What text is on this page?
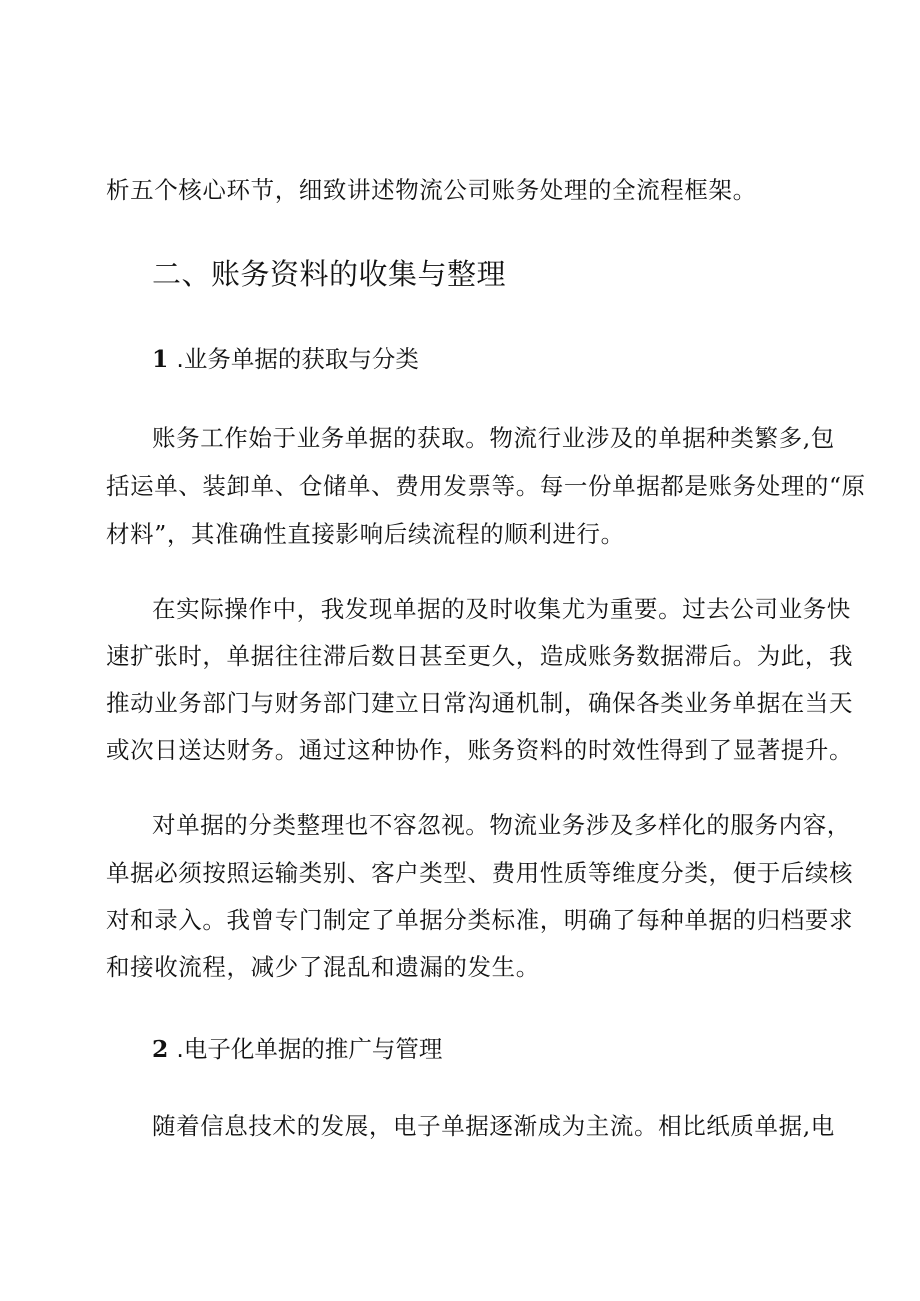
析五个核心环节，细致讲述物流公司账务处理的全流程框架。

二、账务资料的收集与整理
1 .业务单据的获取与分类

账务工作始于业务单据的获取。物流行业涉及的单据种类繁多,包

括运单、装卸单、仓储单、费用发票等。每一份单据都是账务处理的“原

材料”，其准确性直接影响后续流程的顺利进行。

在实际操作中，我发现单据的及时收集尤为重要。过去公司业务快

速扩张时，单据往往滞后数日甚至更久，造成账务数据滞后。为此，我

推动业务部门与财务部门建立日常沟通机制，确保各类业务单据在当天

或次日送达财务。通过这种协作，账务资料的时效性得到了显著提升。

对单据的分类整理也不容忽视。物流业务涉及多样化的服务内容，

单据必须按照运输类别、客户类型、费用性质等维度分类，便于后续核

对和录入。我曾专门制定了单据分类标准，明确了每种单据的归档要求

和接收流程，减少了混乱和遗漏的发生。

2 .电子化单据的推广与管理

随着信息技术的发展，电子单据逐渐成为主流。相比纸质单据,电
